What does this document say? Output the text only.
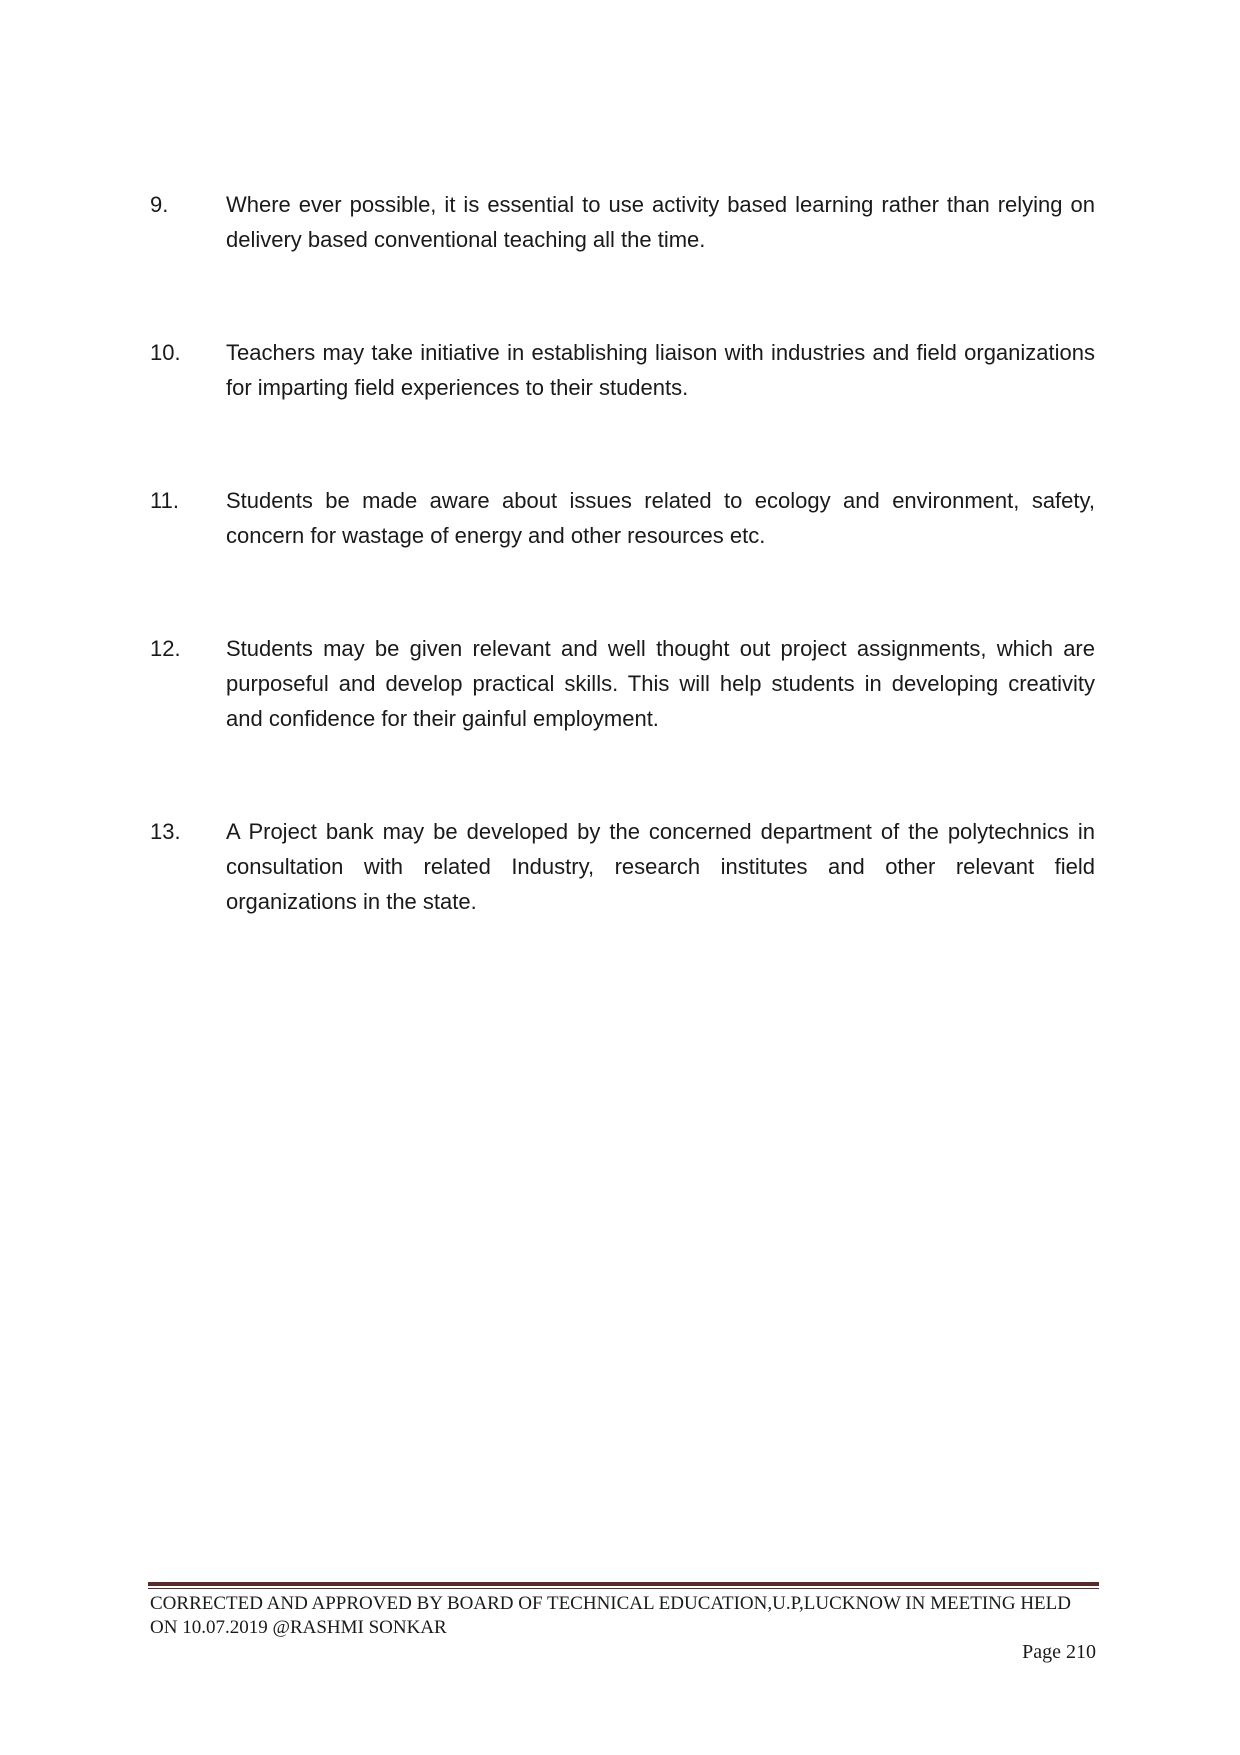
9.	Where ever possible, it is essential to use activity based learning rather than relying on delivery based conventional teaching all the time.
10. Teachers may take initiative in establishing liaison with industries and field organizations for imparting field experiences to their students.
11. Students be made aware about issues related to ecology and environment, safety, concern for wastage of energy and other resources etc.
12. Students may be given relevant and well thought out project assignments, which are purposeful and develop practical skills. This will help students in developing creativity and confidence for their gainful employment.
13. A Project bank may be developed by the concerned department of the polytechnics in consultation with related Industry, research institutes and other relevant field organizations in the state.
CORRECTED AND APPROVED BY BOARD OF TECHNICAL EDUCATION,U.P,LUCKNOW IN MEETING HELD ON 10.07.2019 @RASHMI SONKAR
Page 210
